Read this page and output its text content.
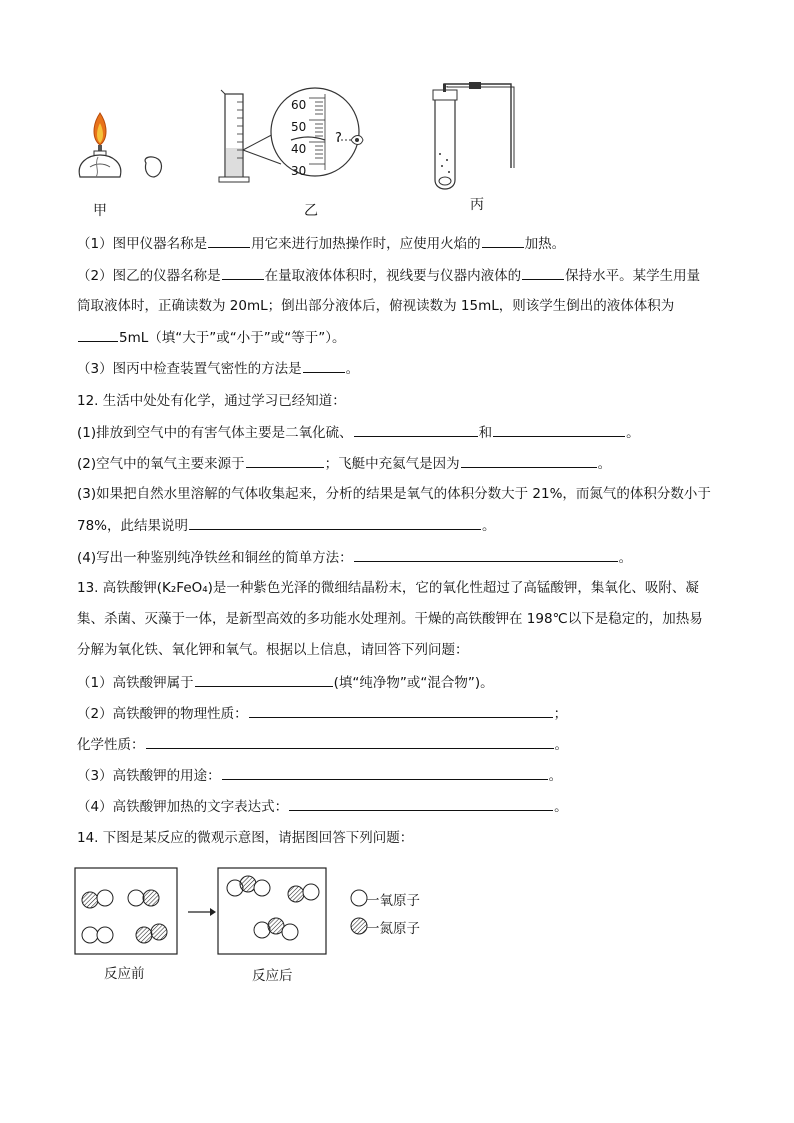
甲
60
50
40
30
?
乙	丙
（1）图甲仪器名称是	用它来进行加热操作时，应使用火焰的	加热。
（2）图乙的仪器名称是	在量取液体体积时，视线要与仪器内液体的	保持水平。某学生用量
筒取液体时，正确读数为 20mL；倒出部分液体后，俯视读数为 15mL，则该学生倒出的液体体积为
5mL（填“大于”或“小于”或“等于”）。
（3）图丙中检查装置气密性的方法是	。
12. 生活中处处有化学，通过学习已经知道：
(1)排放到空气中的有害气体主要是二氧化硫、	和	。
(2)空气中的氧气主要来源于	；飞艇中充氦气是因为	。
(3)如果把自然水里溶解的气体收集起来，分析的结果是氧气的体积分数大于 21%，而氮气的体积分数小于
78%，此结果说明	。
(4)写出一种鉴别纯净铁丝和铜丝的简单方法：	。
13. 高铁酸钾(K₂FeO₄)是一种紫色光泽的微细结晶粉末，它的氧化性超过了高锰酸钾，集氧化、吸附、凝
集、杀菌、灭藻于一体，是新型高效的多功能水处理剂。干燥的高铁酸钾在 198℃以下是稳定的，加热易
分解为氧化铁、氧化钾和氧气。根据以上信息，请回答下列问题：
（1）高铁酸钾属于	(填“纯净物”或“混合物”)。
（2）高铁酸钾的物理性质：	；
化学性质：	。
（3）高铁酸钾的用途：	。
（4）高铁酸钾加热的文字表达式：	。
14. 下图是某反应的微观示意图，请据图回答下列问题：
一氧原子
一氮原子
反应前	反应后
